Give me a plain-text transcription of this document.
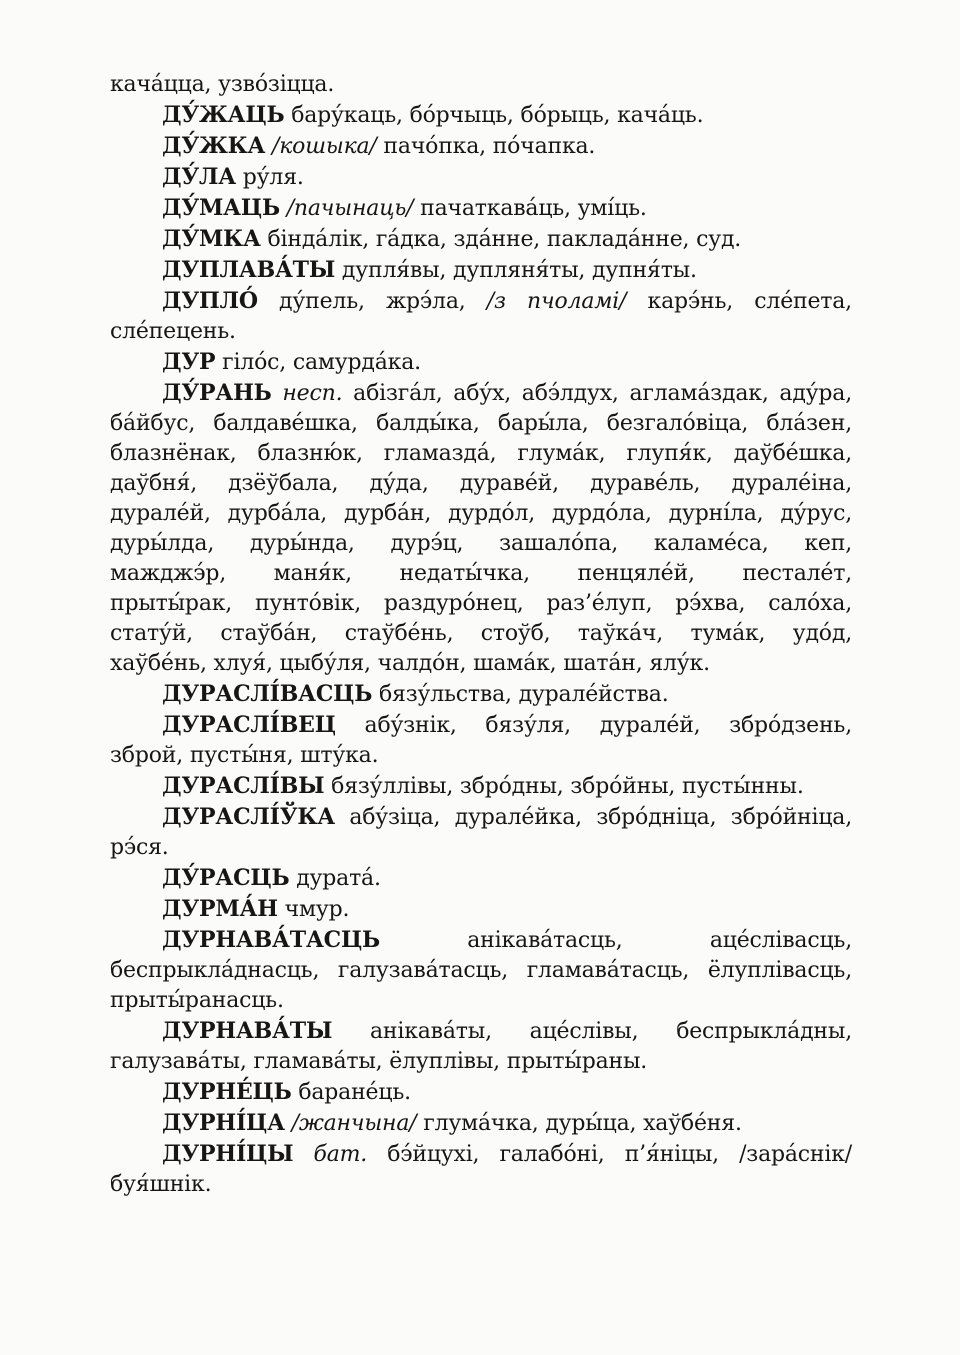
кача́цца, узво́зіцца.
ДУ́ЖАЦЬ бару́каць, бо́рчыць, бо́рыць, кача́ць.
ДУ́ЖКА /кошыка/ пачо́пка, по́чапка.
ДУ́ЛА ру́ля.
ДУ́МАЦЬ /пачынаць/ пачаткава́ць, умі́ць.
ДУ́МКА бінда́лік, га́дка, зда́нне, паклада́нне, суд.
ДУПЛАВА́ТЫ дупля́вы, дупляня́ты, дупня́ты.
ДУПЛО́ ду́пель, жрэ́ла, /з пчоламі/ карэ́нь, сле́пета,
сле́пецень.
ДУР гіло́с, самурда́ка.
ДУ́РАНЬ несп. абізга́л, абу́х, абэ́лдух, аглама́здак, аду́ра,
ба́йбус, балдаве́шка, балды́ка, бары́ла, безгало́віца, бла́зен,
блазнёнак, блазню́к, гламазда́, глума́к, глупя́к, даўбе́шка,
даўбня́, дзёўбала, ду́да, дураве́й, дураве́ль, дурале́іна,
дурале́й, дурба́ла, дурба́н, дурдо́л, дурдо́ла, дурні́ла, ду́рус,
дуры́лда, дуры́нда, дурэ́ц, зашало́па, каламе́са, кеп,
мажджэ́р, маня́к, недаты́чка, пенцяле́й, пестале́т,
прыты́рак, пунто́вік, раздуро́нец, раз’е́луп, рэ́хва, сало́ха,
стату́й, стаўба́н, стаўбе́нь, стоўб, таўка́ч, тума́к, удо́д,
хаўбе́нь, хлуя́, цыбу́ля, чалдо́н, шама́к, шата́н, ялу́к.
ДУРАСЛІ́ВАСЦЬ бязу́льства, дурале́йства.
ДУРАСЛІ́ВЕЦ абу́знік, бязу́ля, дурале́й, збро́дзень,
зброй, пусты́ня, шту́ка.
ДУРАСЛІ́ВЫ бязу́ллівы, збро́дны, збро́йны, пусты́нны.
ДУРАСЛІ́ЎКА абу́зіца, дурале́йка, збро́дніца, збро́йніца,
рэ́ся.
ДУ́РАСЦЬ дурата́.
ДУРМА́Н чмур.
ДУРНАВА́ТАСЦЬ анікава́тасць, аце́слівасць,
беспрыкла́днасць, галузава́тасць, гламава́тасць, ёлуплівасць,
прыты́ранасць.
ДУРНАВА́ТЫ анікава́ты, аце́слівы, беспрыкла́дны,
галузава́ты, гламава́ты, ёлуплівы, прыты́раны.
ДУРНЕ́ЦЬ баране́ць.
ДУРНІ́ЦА /жанчына/ глума́чка, дуры́ца, хаўбе́ня.
ДУРНІ́ЦЫ бат. бэ́йцухі, галабо́ні, п’я́ніцы, /зара́снік/
буя́шнік.
